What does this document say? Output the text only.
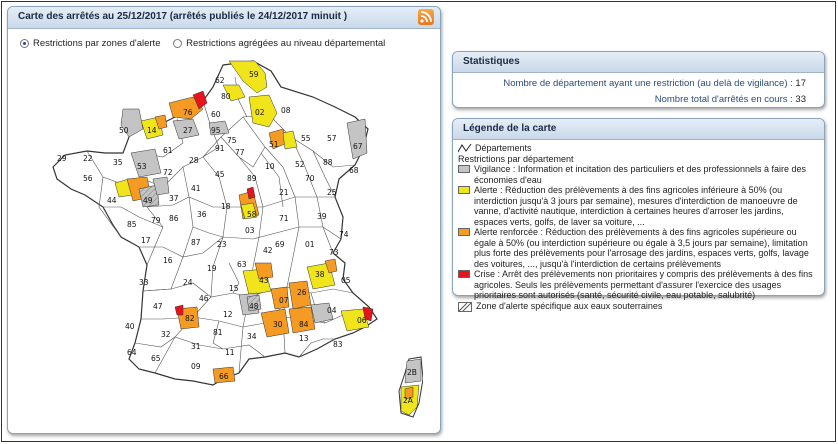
Carte des arrêtés au 25/12/2017 (arrêtés publiés le 24/12/2017 minuit )
Restrictions par zones d'alerte
	Restrictions agrégées au niveau départemental
62
59
80
76	02
14
60	08
50	27 95
51
55 57
67
29 22	35 53
61
28
77
91
10	52 88
68
56
44
72	45	89
21
70
25
49 37
41
18
58	39
85 79 86 36	71
03
01
74
17	87 23	69
42	73
16
19	63
43
38
05
33	24
15
07
26
04
06
46
48
12
30 84
47
82
81
13
83
40
32	34
31
11
64
65
09
66	2B
2A
75
Statistiques
Nombre de département ayant une restriction (au delà de vigilance) : 17
Nombre total d'arrêtés en cours : 33
Légende de la carte
Départements
Restrictions par département
Vigilance : Information et incitation des particuliers et des professionnels à faire des économies d'eau
Alerte : Réduction des prélèvements à des fins agricoles inférieure à 50% (ou interdiction jusqu'à 3 jours par semaine), mesures d'interdiction de manoeuvre de vanne, d'activité nautique, interdiction à certaines heures d'arroser les jardins, espaces verts, golfs, de laver sa voiture, ...
Alerte renforcée : Réduction des prélèvements à des fins agricoles supérieure ou égale à 50% (ou interdiction supérieure ou égale à 3,5 jours par semaine), limitation plus forte des prélèvements pour l'arrosage des jardins, espaces verts, golfs, lavage des voitures, ..., jusqu'à l'interdiction de certains prélèvements
Crise : Arrêt des prélèvements non prioritaires y compris des prélèvements à des fins agricoles. Seuls les prélèvements permettant d'assurer l'exercice des usages prioritaires sont autorisés (santé, sécurité civile, eau potable, salubrité)
Zone d'alerte spécifique aux eaux souterraines
